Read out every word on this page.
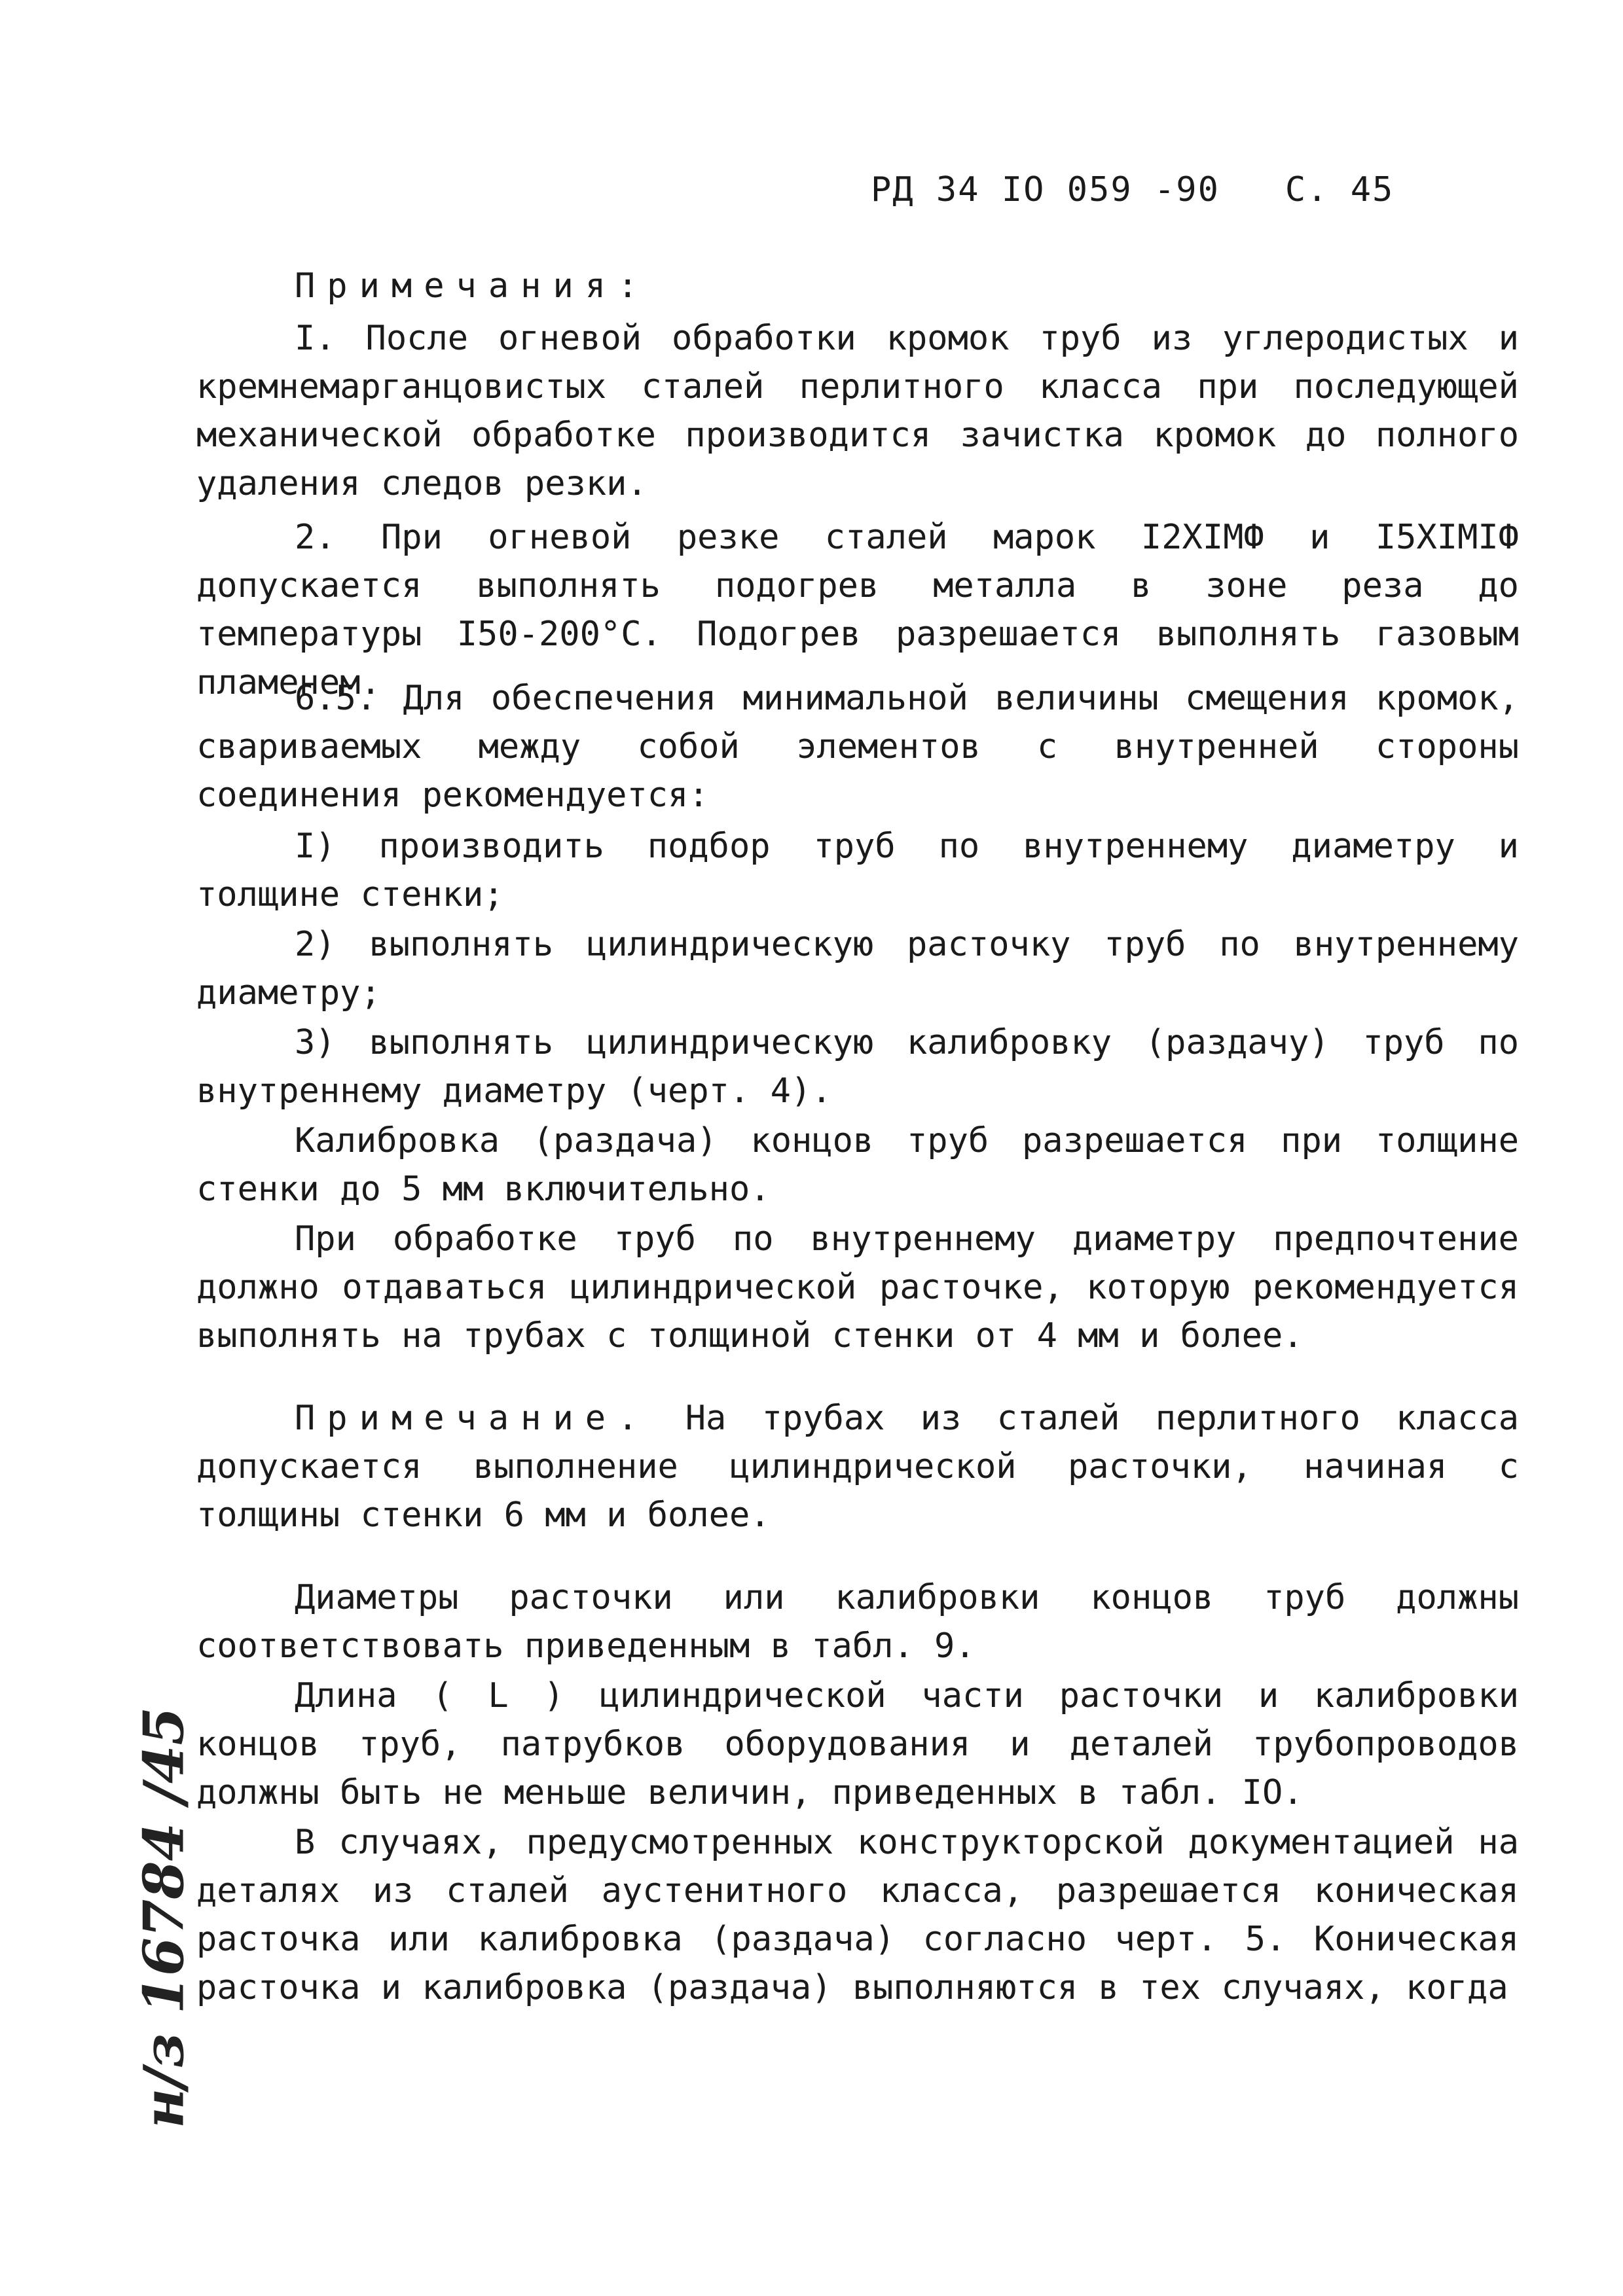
РД 34 IO 059 -90 С. 45

Примечания:

I. После огневой обработки кромок труб из углеродистых и кремнемарганцовистых сталей перлитного класса при последующей механической обработке производится зачистка кромок до полного удаления следов резки.

2. При огневой резке сталей марок I2XIМФ и I5XIMIФ допускается выполнять подогрев металла в зоне реза до температуры I50-200°С. Подогрев разрешается выполнять газовым пламенем.

6.5. Для обеспечения минимальной величины смещения кромок, свариваемых между собой элементов с внутренней стороны соединения рекомендуется:

I) производить подбор труб по внутреннему диаметру и толщине стенки;

2) выполнять цилиндрическую расточку труб по внутреннему диаметру;

3) выполнять цилиндрическую калибровку (раздачу) труб по внутреннему диаметру (черт. 4).

Калибровка (раздача) концов труб разрешается при толщине стенки до 5 мм включительно.

При обработке труб по внутреннему диаметру предпочтение должно отдаваться цилиндрической расточке, которую рекомендуется выполнять на трубах с толщиной стенки от 4 мм и более.

Примечание. На трубах из сталей перлитного класса допускается выполнение цилиндрической расточки, начиная с толщины стенки 6 мм и более.

Диаметры расточки или калибровки концов труб должны соответствовать приведенным в табл. 9.

Длина ( L ) цилиндрической части расточки и калибровки концов труб, патрубков оборудования и деталей трубопроводов должны быть не меньше величин, приведенных в табл. IO.

В случаях, предусмотренных конструкторской документацией на деталях из сталей аустенитного класса, разрешается коническая расточка или калибровка (раздача) согласно черт. 5. Коническая расточка и калибровка (раздача) выполняются в тех случаях, когда

н/з 16784 /45
